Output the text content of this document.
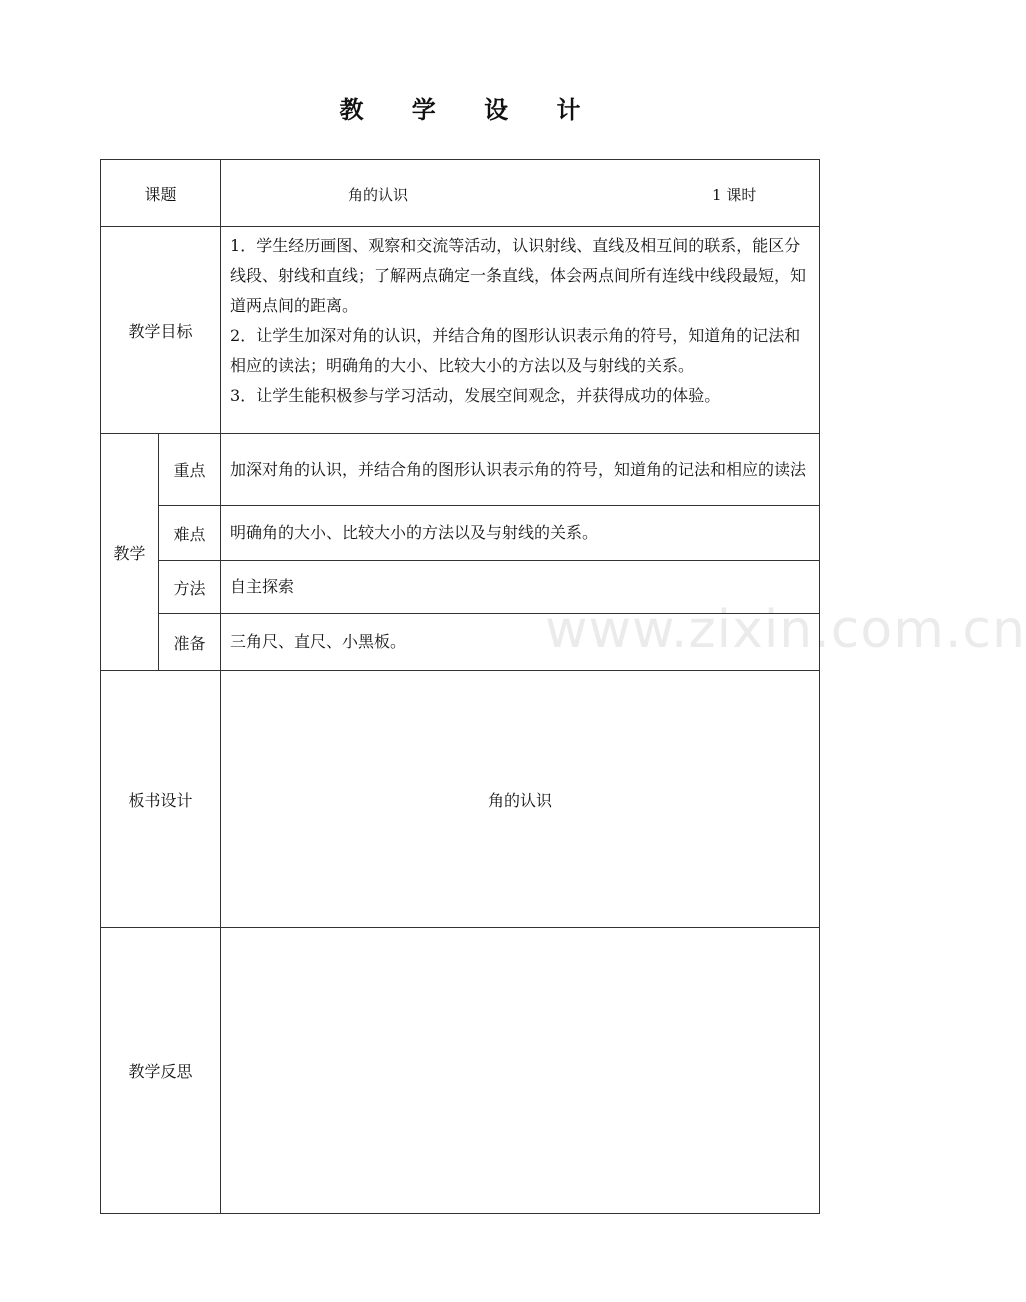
教 学 设 计
课题		角的认识 1 课时

教学目标		1．学生经历画图、观察和交流等活动，认识射线、直线及相互间的联系，能区分线段、射线和直线；了解两点确定一条直线，体会两点间所有连线中线段最短，知道两点间的距离。

2．让学生加深对角的认识，并结合角的图形认识表示角的符号，知道角的记法和相应的读法；明确角的大小、比较大小的方法以及与射线的关系。

3．让学生能积极参与学习活动，发展空间观念，并获得成功的体验。

教学	重点	加深对角的认识，并结合角的图形认识表示角的符号，知道角的记法和相应的读法
	难点	明确角的大小、比较大小的方法以及与射线的关系。
	方法	自主探索
	准备	三角尺、直尺、小黑板。
板书设计		角的认识
教学反思		
www.zixin.com.cn
